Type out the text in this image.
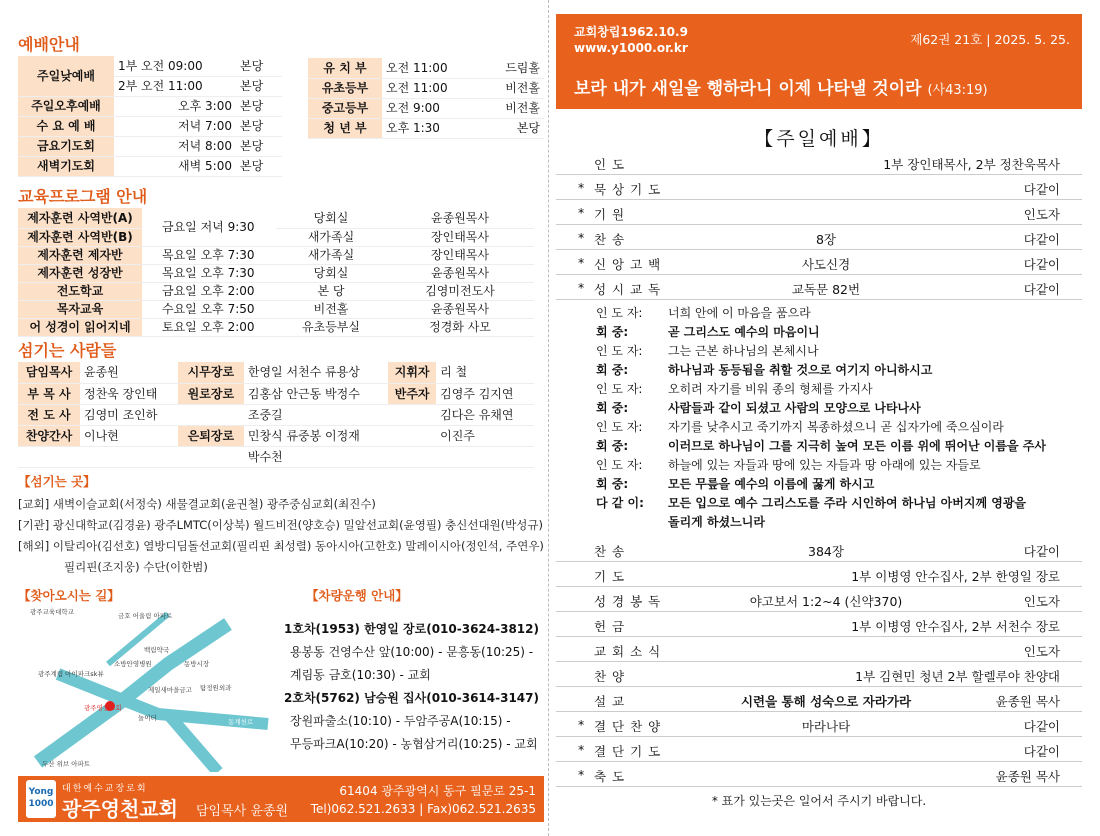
예배안내
주일낮예배	1부 오전 09:00	본당
	2부 오전 11:00	본당
주일오후예배	오후 3:00	본당
수 요 예 배	저녁 7:00	본당
금요기도회	저녁 8:00	본당
새벽기도회	새벽 5:00	본당
유 치 부	오전 11:00	드림홀
유초등부	오전 11:00	비전홀
중고등부	오전 9:00	비전홀
청 년 부	오후 1:30	본당
교육프로그램 안내
제자훈련 사역반(A)	금요일 저녁 9:30	당회실	윤종원목사
제자훈련 사역반(B)		새가족실	장인태목사
제자훈련 제자반	목요일 오후 7:30	새가족실	장인태목사
제자훈련 성장반	목요일 오후 7:30	당회실	윤종원목사
전도학교	금요일 오후 2:00	본 당	김영미전도사
목자교육	수요일 오후 7:50	비전홀	윤종원목사
어 성경이 읽어지네	토요일 오후 2:00	유초등부실	정경화 사모
섬기는 사람들
담임목사	윤종원	시무장로	한영일 서천수 류용상	지휘자	리 철
부 목 사	정찬욱 장인태	원로장로	김홍삼 안근동 박정수	반주자	김영주 김지연
전 도 사	김영미 조인하		조중길		김다은 유채연
찬양간사	이나현	은퇴장로	민창식 류중봉 이정재		이진주
			박수천		
【섬기는 곳】
[교회] 새벽이슬교회(서정숙) 새물결교회(윤권철) 광주중심교회(최진수)
[기관] 광신대학교(김경윤) 광주LMTC(이상북) 월드비전(양호승) 밀알선교회(윤영필) 충신선대원(박성규)
[해외] 이탈리아(김선호) 열방디딤돌선교회(필리핀 최성렬) 동아시아(고한호) 말레이시아(정인석, 주연우)
필리핀(조지웅) 수단(이한범)
【찾아오시는 길】
광주교육대학교	금호 어울림 아파트
광주계림 아이파크sk뷰
소방안영병원
백림약국
동방시장
제일새마을금고 탐정원외과
광주영천교회
놀이터
두산 위브 아파트
필문로
동계천로
【차량운행 안내】
1호차(1953) 한영일 장로(010-3624-3812)
용봉동 건영수산 앞(10:00) - 문흥동(10:25) -
계림동 금호(10:30) - 교회
2호차(5762) 남승원 집사(010-3614-3147)
장원파출소(10:10) - 두암주공A(10:15) -
무등파크A(10:20) - 농협삼거리(10:25) - 교회
Yong 1000
대한예수교장로회
광주영천교회 담임목사 윤종원
61404 광주광역시 동구 필문로 25-1
Tel)062.521.2633 | Fax)062.521.2635
교회창립1962.10.9
www.y1000.or.kr
제62권 21호 | 2025. 5. 25.
보라 내가 새일을 행하라니 이제 나타낼 것이라 (사43:19)
【주일예배】
인 도	1부 장인태목사, 2부 정찬욱목사
* 묵 상 기 도	다같이
* 기 원	인도자
* 찬 송	8장	다같이
* 신 앙 고 백	사도신경	다같이
* 성 시 교 독	교독문 82번	다같이
찬 송	384장	다같이
기 도	1부 이병영 안수집사, 2부 한영일 장로
성 경 봉 독	야고보서 1:2~4 (신약370)	인도자
헌 금	1부 이병영 안수집사, 2부 서천수 장로
교 회 소 식	인도자
찬 양	1부 김현민 청년 2부 할렐루야 찬양대
설 교	시련을 통해 성숙으로 자라가라	윤종원 목사
* 결 단 찬 양	마라나타	다같이
* 결 단 기 도	다같이
* 축 도	윤종원 목사
인 도 자: 너희 안에 이 마음을 품으라
회 중:	곧 그리스도 예수의 마음이니
인 도 자: 그는 근본 하나님의 본체시나
회 중:	하나님과 동등됨을 취할 것으로 여기지 아니하시고
인 도 자: 오히려 자기를 비워 종의 형체를 가지사
회 중:	사람들과 같이 되셨고 사람의 모양으로 나타나사
인 도 자: 자기를 낮추시고 죽기까지 복종하셨으니 곧 십자가에 죽으심이라
회 중:	이러므로 하나님이 그를 지극히 높여 모든 이름 위에 뛰어난 이름을 주사
인 도 자: 하늘에 있는 자들과 땅에 있는 자들과 땅 아래에 있는 자들로
회 중:	모든 무릎을 예수의 이름에 꿇게 하시고
다 같 이: 모든 입으로 예수 그리스도를 주라 시인하여 하나님 아버지께 영광을
돌리게 하셨느니라
* 표가 있는곳은 일어서 주시기 바랍니다.
